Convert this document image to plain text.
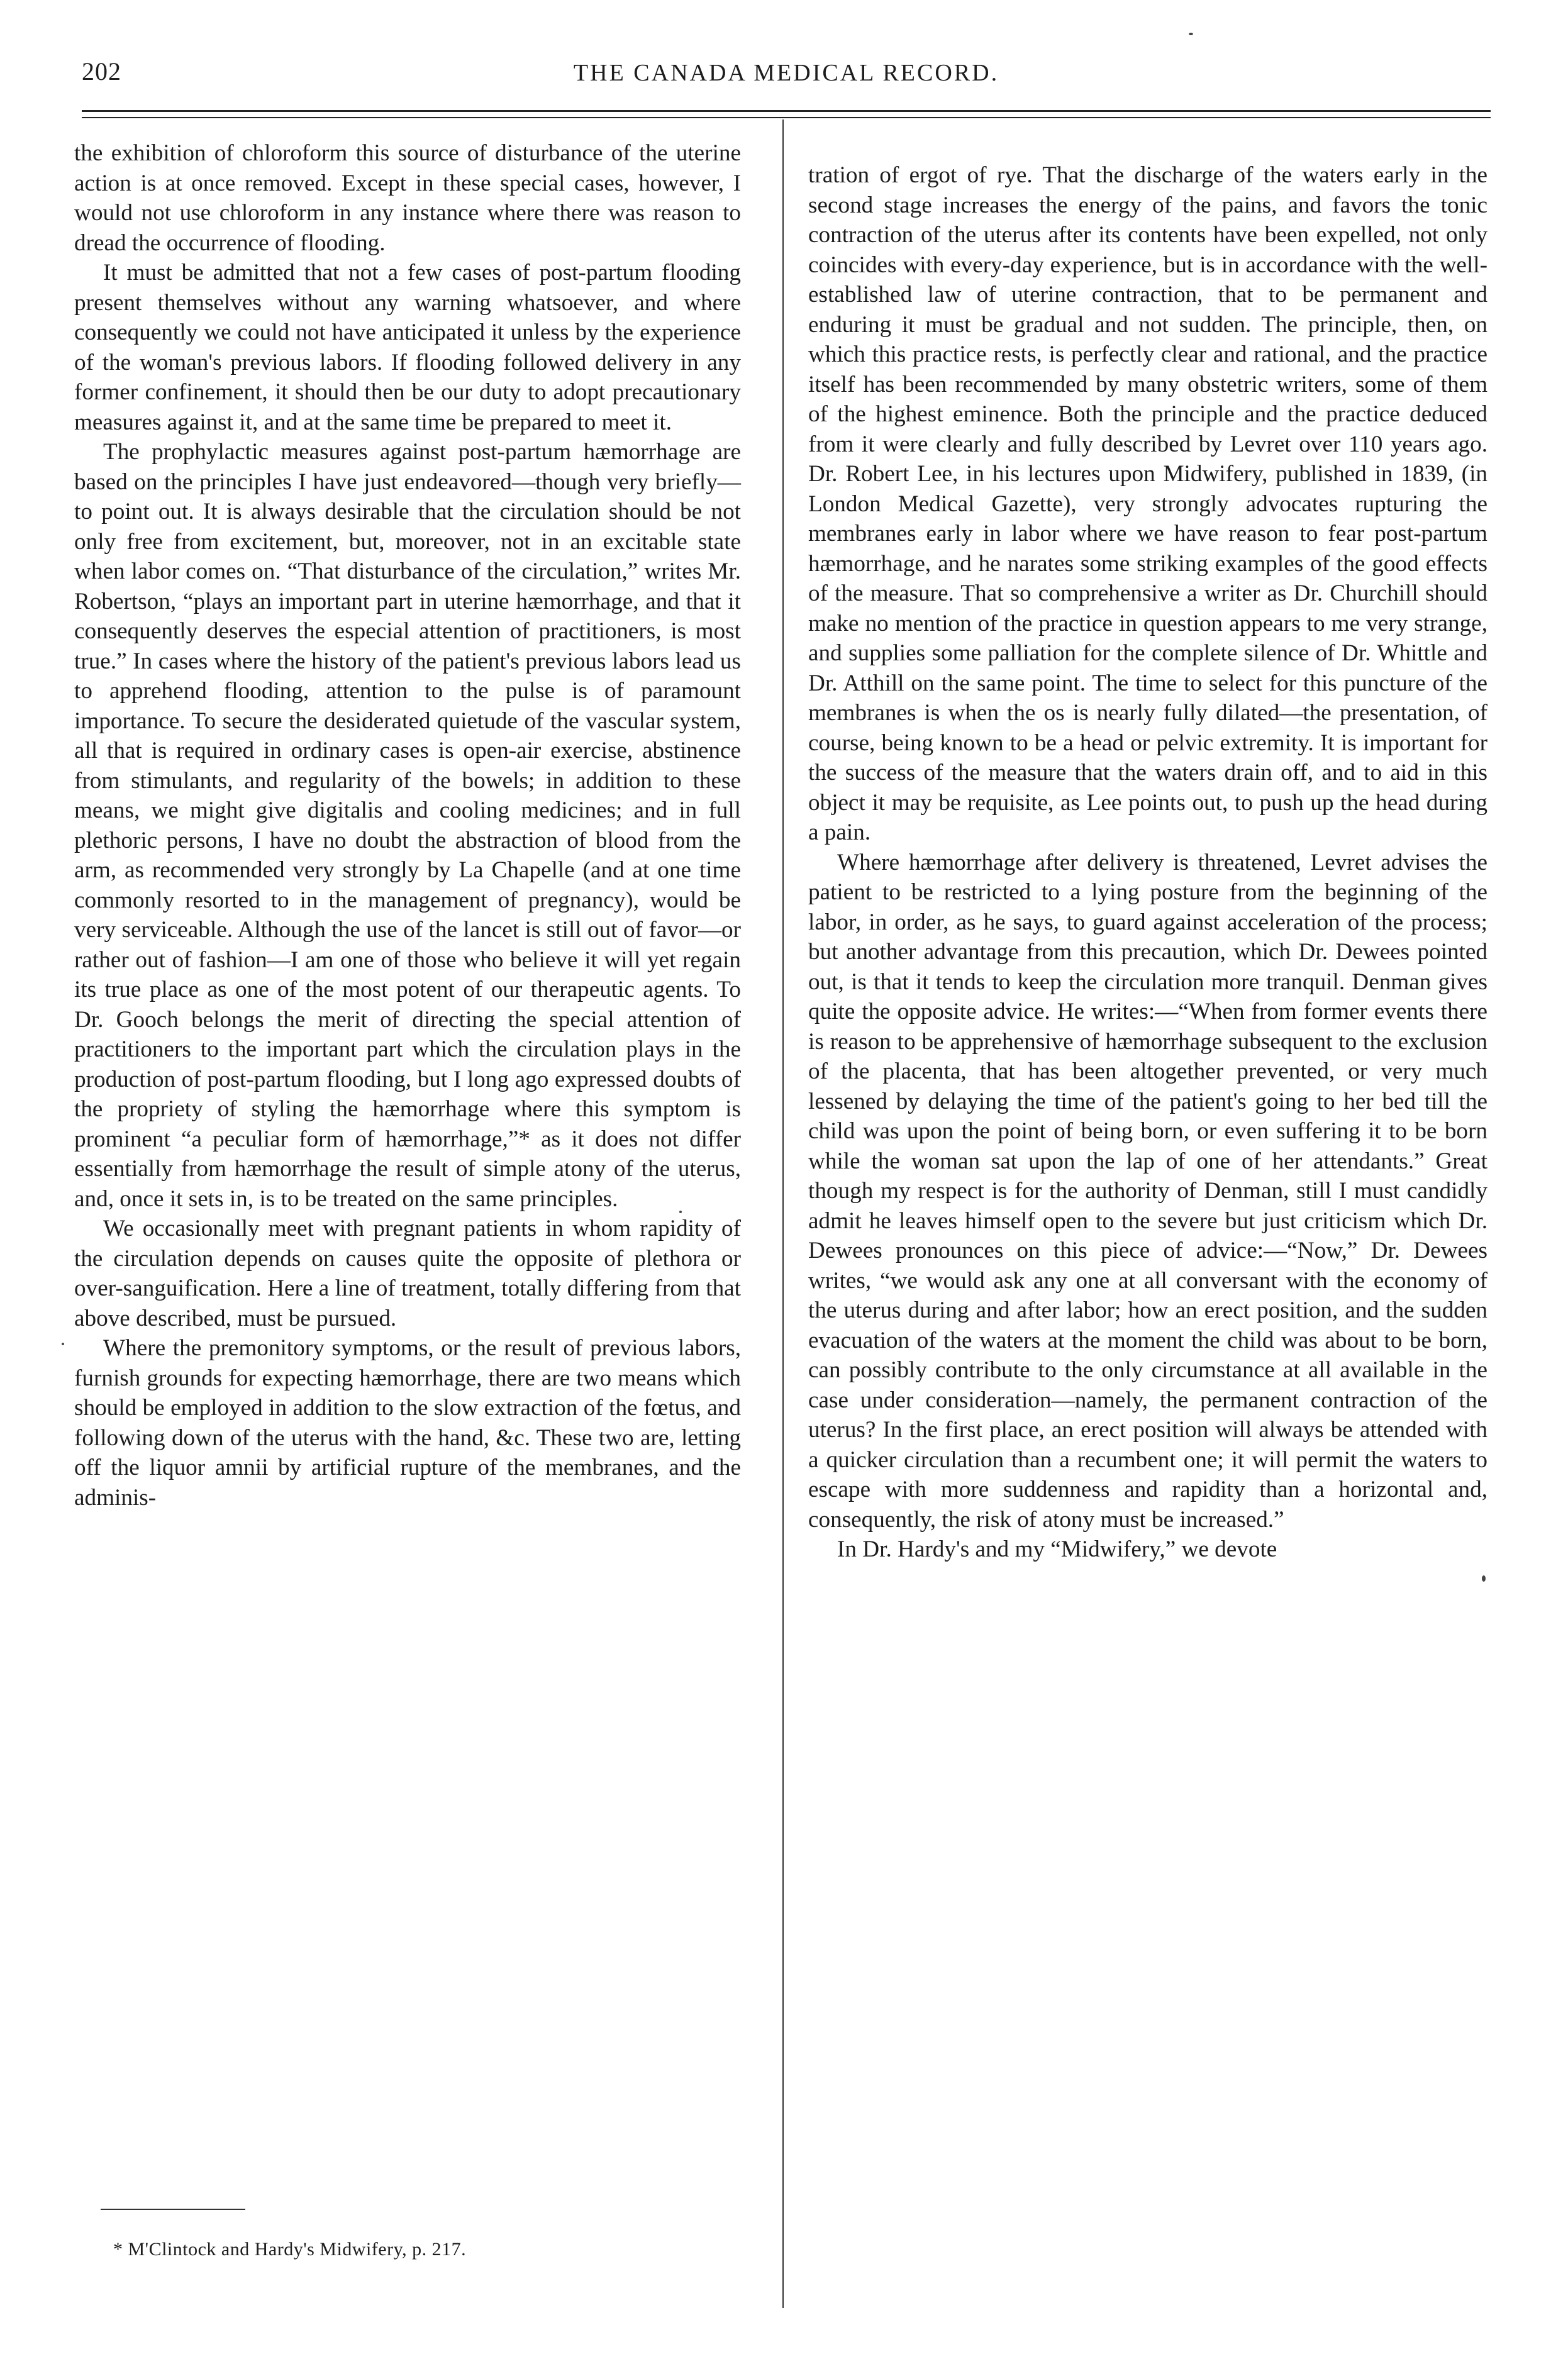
202	THE CANADA MEDICAL RECORD.

the exhibition of chloroform this source of disturbance of the uterine action is at once removed. Except in these special cases, however, I would not use chloroform in any instance where there was reason to dread the occurrence of flooding.

It must be admitted that not a few cases of post-partum flooding present themselves without any warning whatsoever, and where consequently we could not have anticipated it unless by the experience of the woman's previous labors. If flooding followed delivery in any former confinement, it should then be our duty to adopt precautionary measures against it, and at the same time be prepared to meet it.

The prophylactic measures against post-partum hæmorrhage are based on the principles I have just endeavored—though very briefly—to point out. It is always desirable that the circulation should be not only free from excitement, but, moreover, not in an excitable state when labor comes on. “That disturbance of the circulation,” writes Mr. Robertson, “plays an important part in uterine hæmorrhage, and that it consequently deserves the especial attention of practitioners, is most true.” In cases where the history of the patient's previous labors lead us to apprehend flooding, attention to the pulse is of paramount importance. To secure the desiderated quietude of the vascular system, all that is required in ordinary cases is open-air exercise, abstinence from stimulants, and regularity of the bowels; in addition to these means, we might give digitalis and cooling medicines; and in full plethoric persons, I have no doubt the abstraction of blood from the arm, as recommended very strongly by La Chapelle (and at one time commonly resorted to in the management of pregnancy), would be very serviceable. Although the use of the lancet is still out of favor—or rather out of fashion—I am one of those who believe it will yet regain its true place as one of the most potent of our therapeutic agents. To Dr. Gooch belongs the merit of directing the special attention of practitioners to the important part which the circulation plays in the production of post-partum flooding, but I long ago expressed doubts of the propriety of styling the hæmorrhage where this symptom is prominent “a peculiar form of hæmorrhage,”* as it does not differ essentially from hæmorrhage the result of simple atony of the uterus, and, once it sets in, is to be treated on the same principles.

We occasionally meet with pregnant patients in whom rapidity of the circulation depends on causes quite the opposite of plethora or over-sanguification. Here a line of treatment, totally differing from that above described, must be pursued.

Where the premonitory symptoms, or the result of previous labors, furnish grounds for expecting hæmorrhage, there are two means which should be employed in addition to the slow extraction of the fœtus, and following down of the uterus with the hand, &c. These two are, letting off the liquor amnii by artificial rupture of the membranes, and the adminis-

tration of ergot of rye. That the discharge of the waters early in the second stage increases the energy of the pains, and favors the tonic contraction of the uterus after its contents have been expelled, not only coincides with every-day experience, but is in accordance with the well-established law of uterine contraction, that to be permanent and enduring it must be gradual and not sudden. The principle, then, on which this practice rests, is perfectly clear and rational, and the practice itself has been recommended by many obstetric writers, some of them of the highest eminence. Both the principle and the practice deduced from it were clearly and fully described by Levret over 110 years ago. Dr. Robert Lee, in his lectures upon Midwifery, published in 1839, (in London Medical Gazette), very strongly advocates rupturing the membranes early in labor where we have reason to fear post-partum hæmorrhage, and he narates some striking examples of the good effects of the measure. That so comprehensive a writer as Dr. Churchill should make no mention of the practice in question appears to me very strange, and supplies some palliation for the complete silence of Dr. Whittle and Dr. Atthill on the same point. The time to select for this puncture of the membranes is when the os is nearly fully dilated—the presentation, of course, being known to be a head or pelvic extremity. It is important for the success of the measure that the waters drain off, and to aid in this object it may be requisite, as Lee points out, to push up the head during a pain.

Where hæmorrhage after delivery is threatened, Levret advises the patient to be restricted to a lying posture from the beginning of the labor, in order, as he says, to guard against acceleration of the process; but another advantage from this precaution, which Dr. Dewees pointed out, is that it tends to keep the circulation more tranquil. Denman gives quite the opposite advice. He writes:—“When from former events there is reason to be apprehensive of hæmorrhage subsequent to the exclusion of the placenta, that has been altogether prevented, or very much lessened by delaying the time of the patient's going to her bed till the child was upon the point of being born, or even suffering it to be born while the woman sat upon the lap of one of her attendants.” Great though my respect is for the authority of Denman, still I must candidly admit he leaves himself open to the severe but just criticism which Dr. Dewees pronounces on this piece of advice:—“Now,” Dr. Dewees writes, “we would ask any one at all conversant with the economy of the uterus during and after labor; how an erect position, and the sudden evacuation of the waters at the moment the child was about to be born, can possibly contribute to the only circumstance at all available in the case under consideration—namely, the permanent contraction of the uterus? In the first place, an erect position will always be attended with a quicker circulation than a recumbent one; it will permit the waters to escape with more suddenness and rapidity than a horizontal and, consequently, the risk of atony must be increased.”

In Dr. Hardy's and my “Midwifery,” we devote

* M'Clintock and Hardy's Midwifery, p. 217.
